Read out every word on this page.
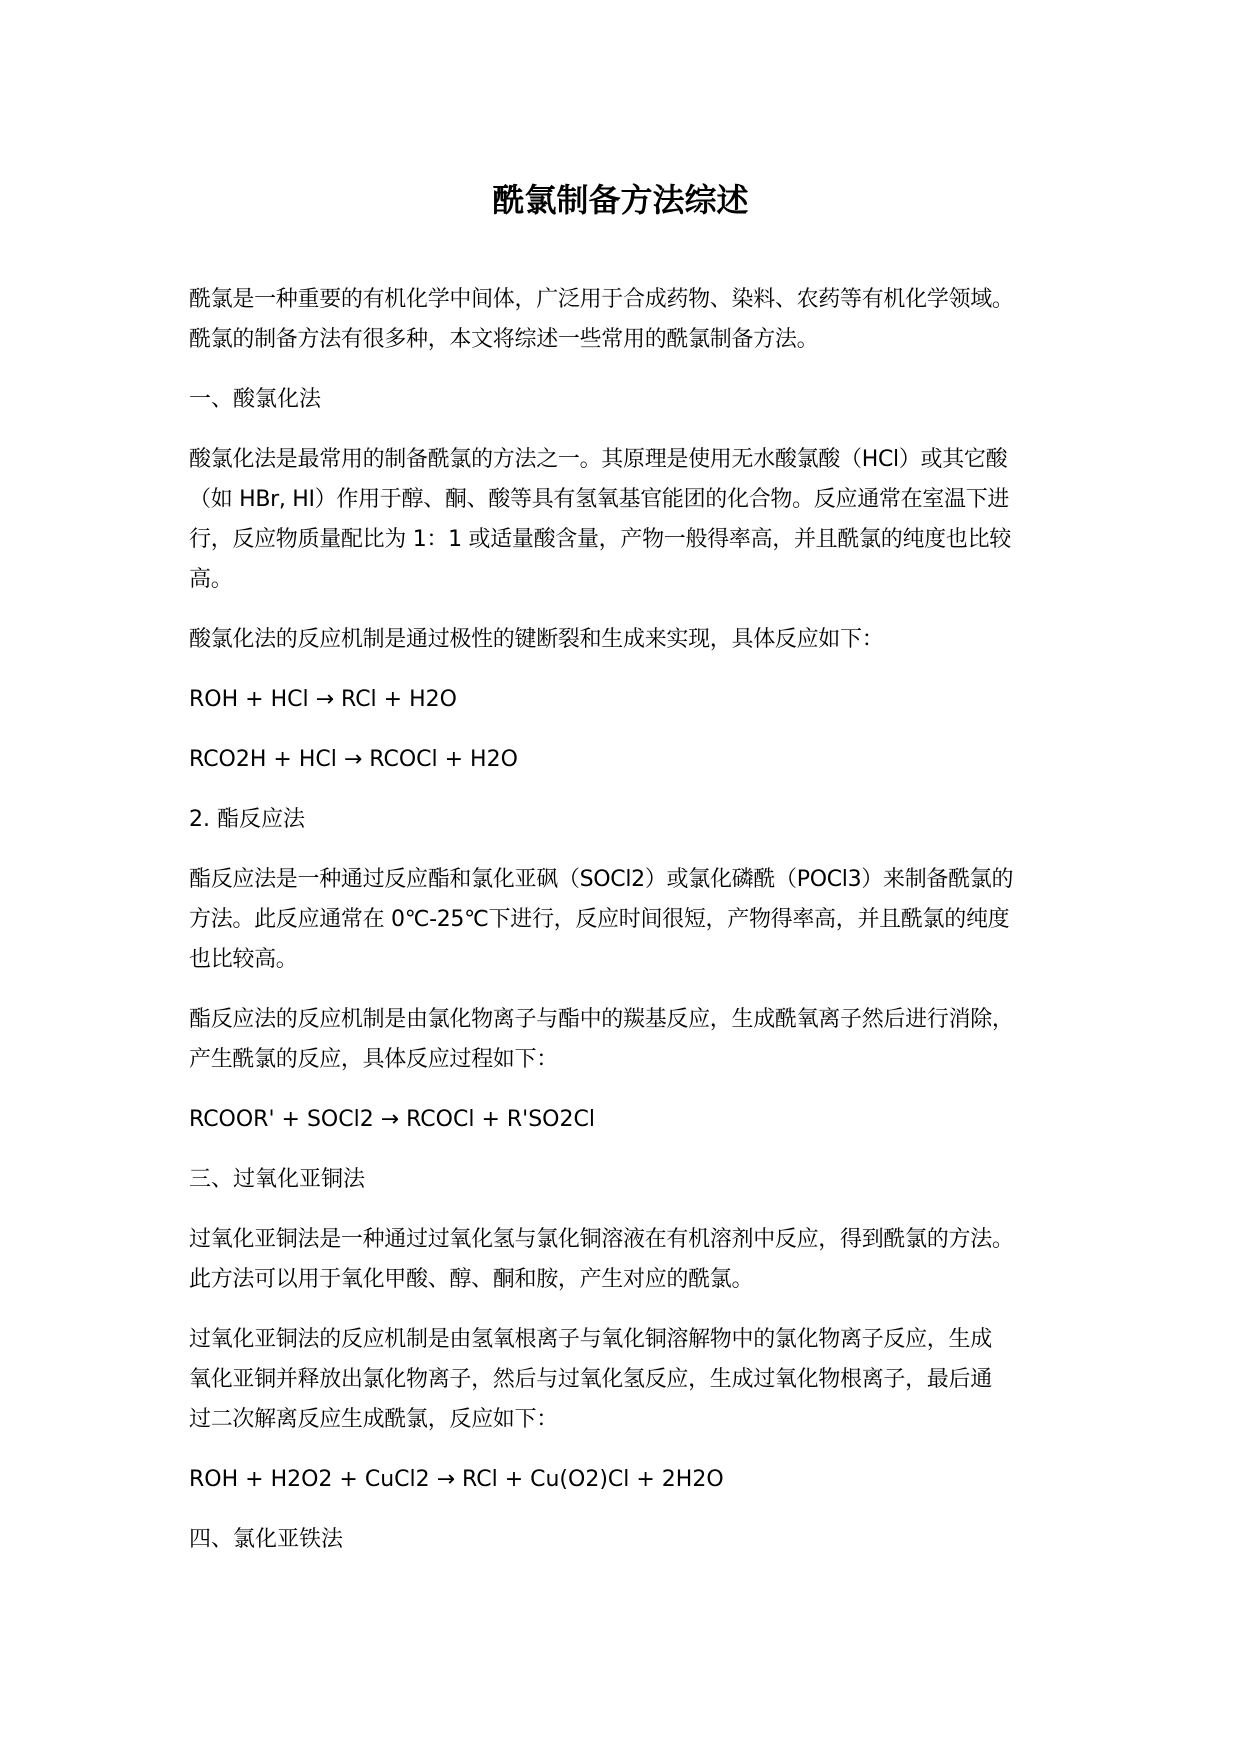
酰氯制备方法综述

酰氯是一种重要的有机化学中间体，广泛用于合成药物、染料、农药等有机化学领域。
酰氯的制备方法有很多种，本文将综述一些常用的酰氯制备方法。

一、酸氯化法

酸氯化法是最常用的制备酰氯的方法之一。其原理是使用无水酸氯酸（HCl）或其它酸
（如 HBr, HI）作用于醇、酮、酸等具有氢氧基官能团的化合物。反应通常在室温下进
行，反应物质量配比为 1：1 或适量酸含量，产物一般得率高，并且酰氯的纯度也比较
高。

酸氯化法的反应机制是通过极性的键断裂和生成来实现，具体反应如下：

ROH + HCl → RCl + H2O

RCO2H + HCl → RCOCl + H2O

2. 酯反应法

酯反应法是一种通过反应酯和氯化亚砜（SOCl2）或氯化磷酰（POCl3）来制备酰氯的
方法。此反应通常在 0℃-25℃下进行，反应时间很短，产物得率高，并且酰氯的纯度
也比较高。

酯反应法的反应机制是由氯化物离子与酯中的羰基反应，生成酰氧离子然后进行消除，
产生酰氯的反应，具体反应过程如下：

RCOOR' + SOCl2 → RCOCl + R'SO2Cl

三、过氧化亚铜法

过氧化亚铜法是一种通过过氧化氢与氯化铜溶液在有机溶剂中反应，得到酰氯的方法。
此方法可以用于氧化甲酸、醇、酮和胺，产生对应的酰氯。

过氧化亚铜法的反应机制是由氢氧根离子与氧化铜溶解物中的氯化物离子反应，生成
氧化亚铜并释放出氯化物离子，然后与过氧化氢反应，生成过氧化物根离子，最后通
过二次解离反应生成酰氯，反应如下：

ROH + H2O2 + CuCl2 → RCl + Cu(O2)Cl + 2H2O

四、氯化亚铁法
